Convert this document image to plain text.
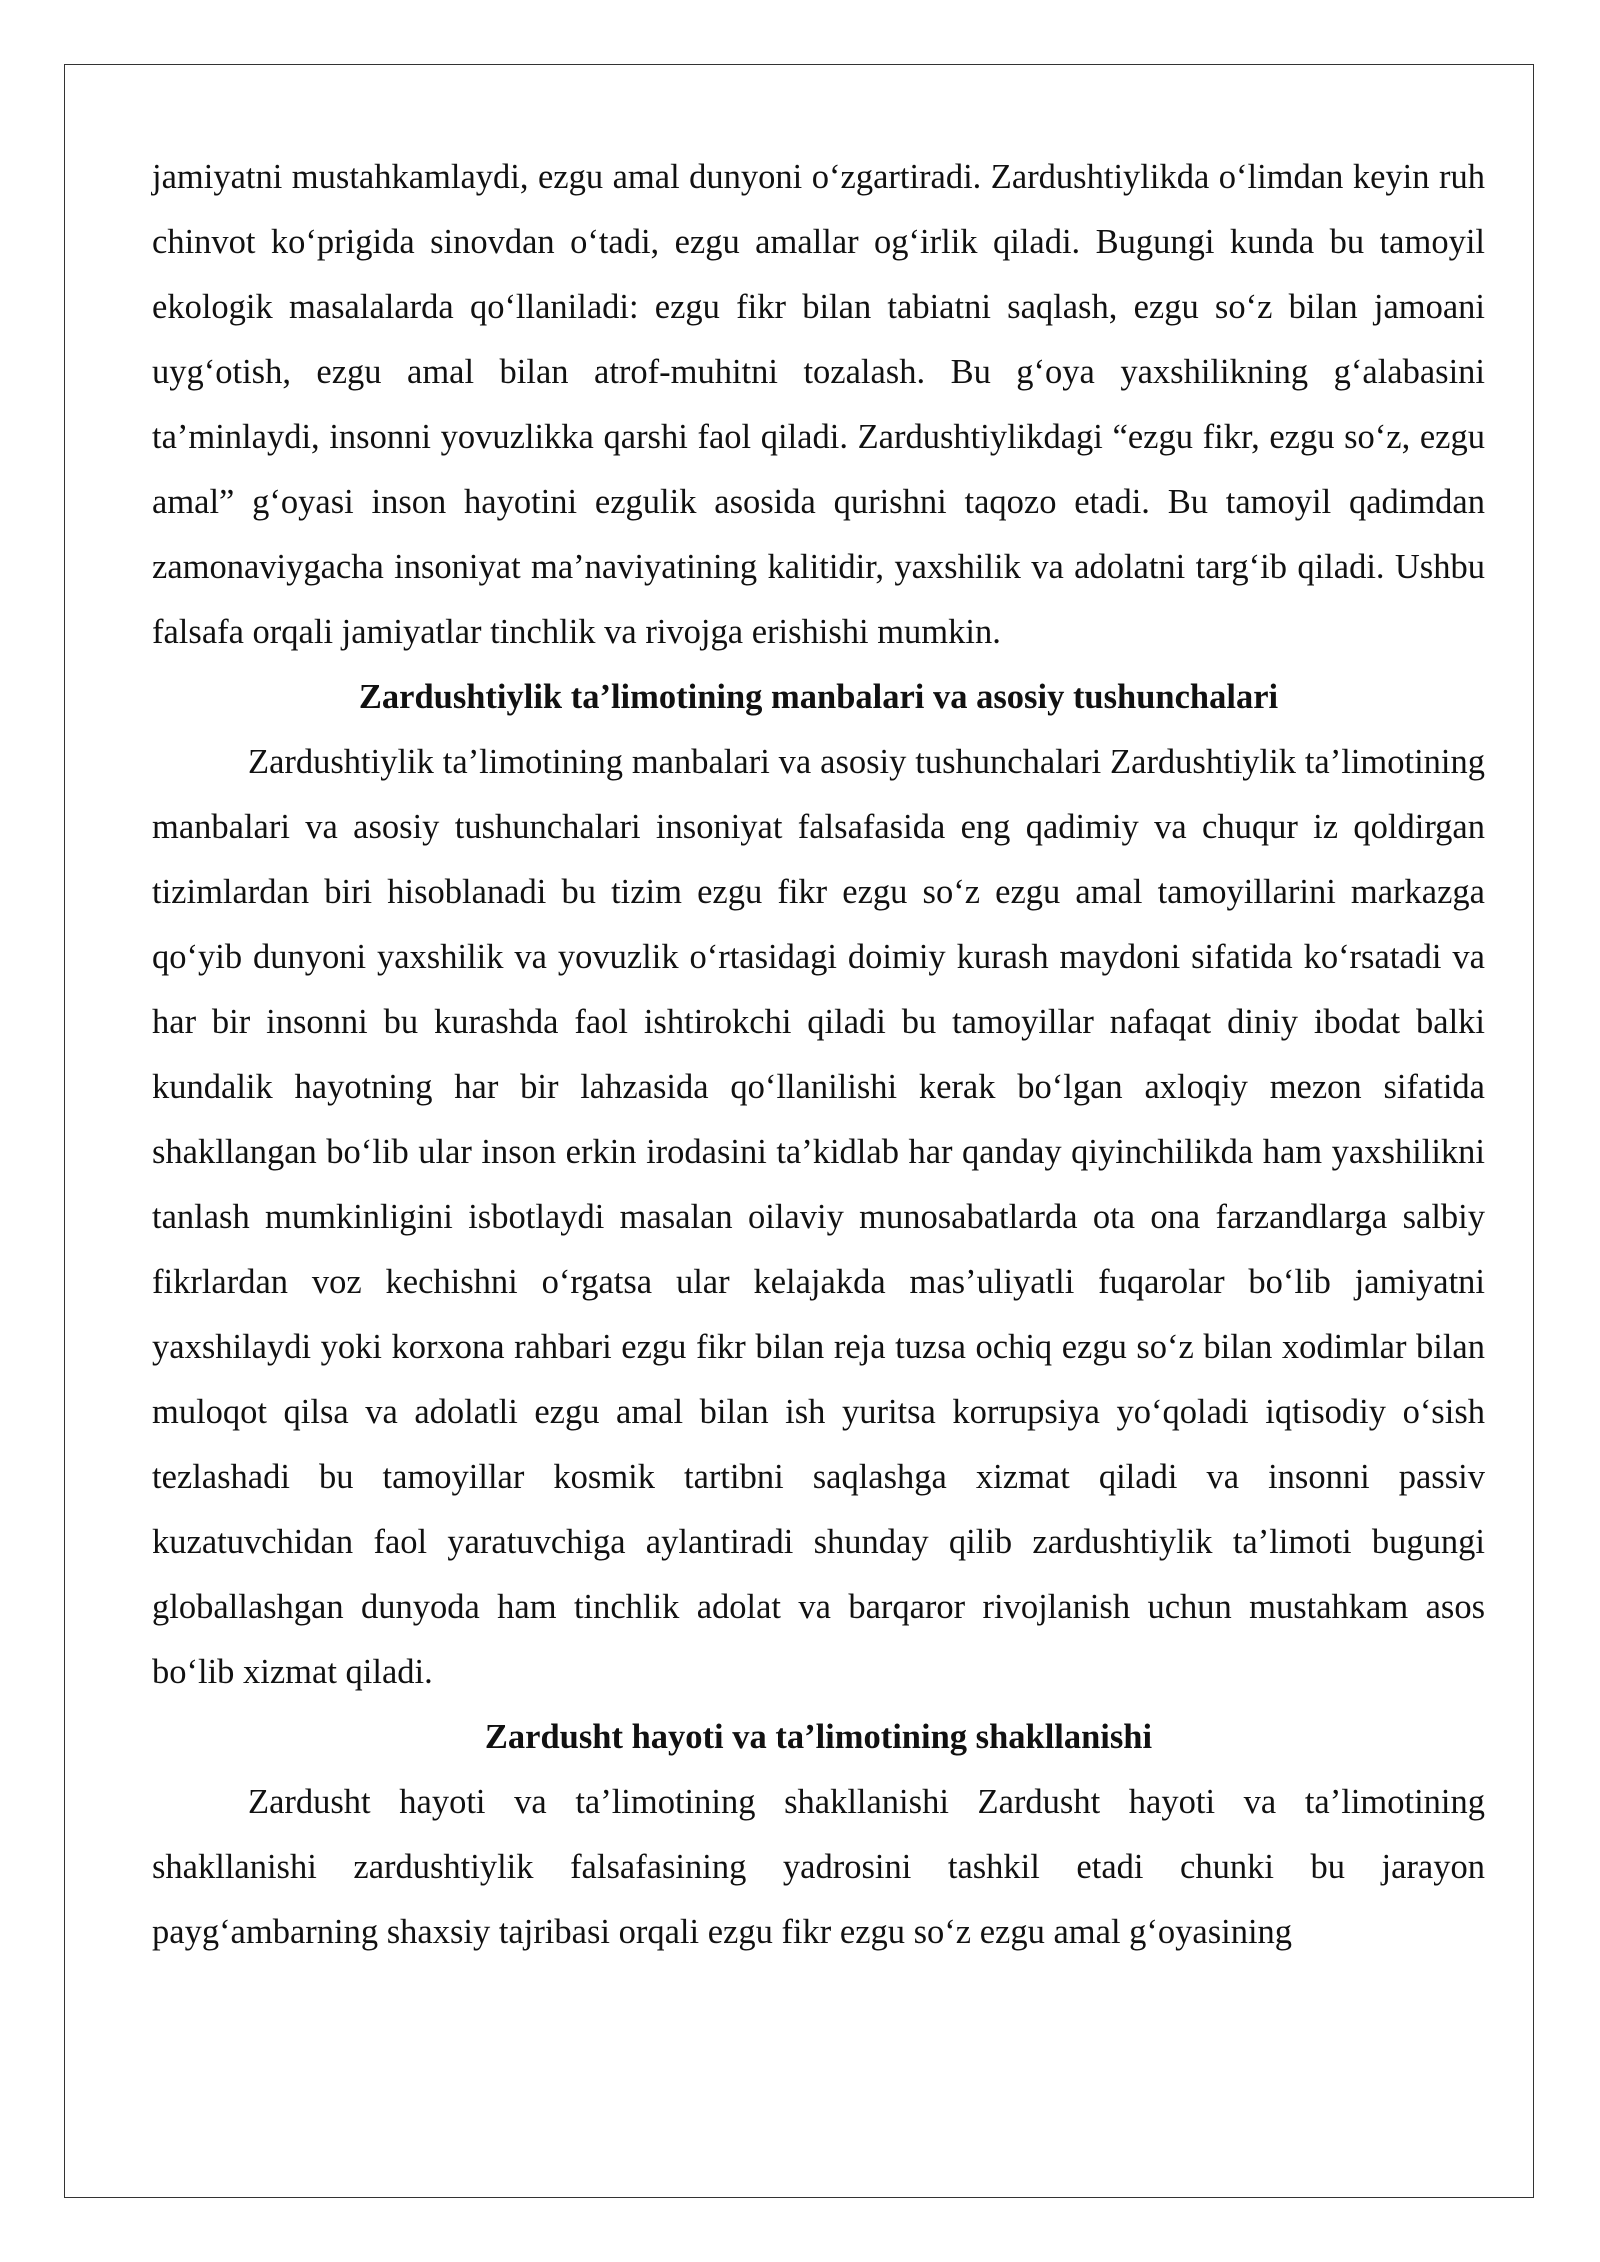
jamiyatni mustahkamlaydi, ezgu amal dunyoni o‘zgartiradi. Zardushtiylikda o‘limdan keyin ruh chinvot ko‘prigida sinovdan o‘tadi, ezgu amallar og‘irlik qiladi. Bugungi kunda bu tamoyil ekologik masalalarda qo‘llaniladi: ezgu fikr bilan tabiatni saqlash, ezgu so‘z bilan jamoani uyg‘otish, ezgu amal bilan atrof-muhitni tozalash. Bu g‘oya yaxshilikning g‘alabasini ta’minlaydi, insonni yovuzlikka qarshi faol qiladi. Zardushtiylikdagi “ezgu fikr, ezgu so‘z, ezgu amal” g‘oyasi inson hayotini ezgulik asosida qurishni taqozo etadi. Bu tamoyil qadimdan zamonaviygacha insoniyat ma’naviyatining kalitidir, yaxshilik va adolatni targ‘ib qiladi. Ushbu falsafa orqali jamiyatlar tinchlik va rivojga erishishi mumkin.

Zardushtiylik ta’limotining manbalari va asosiy tushunchalari

Zardushtiylik ta’limotining manbalari va asosiy tushunchalari Zardushtiylik ta’limotining manbalari va asosiy tushunchalari insoniyat falsafasida eng qadimiy va chuqur iz qoldirgan tizimlardan biri hisoblanadi bu tizim ezgu fikr ezgu so‘z ezgu amal tamoyillarini markazga qo‘yib dunyoni yaxshilik va yovuzlik o‘rtasidagi doimiy kurash maydoni sifatida ko‘rsatadi va har bir insonni bu kurashda faol ishtirokchi qiladi bu tamoyillar nafaqat diniy ibodat balki kundalik hayotning har bir lahzasida qo‘llanilishi kerak bo‘lgan axloqiy mezon sifatida shakllangan bo‘lib ular inson erkin irodasini ta’kidlab har qanday qiyinchilikda ham yaxshilikni tanlash mumkinligini isbotlaydi masalan oilaviy munosabatlarda ota ona farzandlarga salbiy fikrlardan voz kechishni o‘rgatsa ular kelajakda mas’uliyatli fuqarolar bo‘lib jamiyatni yaxshilaydi yoki korxona rahbari ezgu fikr bilan reja tuzsa ochiq ezgu so‘z bilan xodimlar bilan muloqot qilsa va adolatli ezgu amal bilan ish yuritsa korrupsiya yo‘qoladi iqtisodiy o‘sish tezlashadi bu tamoyillar kosmik tartibni saqlashga xizmat qiladi va insonni passiv kuzatuvchidan faol yaratuvchiga aylantiradi shunday qilib zardushtiylik ta’limoti bugungi globallashgan dunyoda ham tinchlik adolat va barqaror rivojlanish uchun mustahkam asos bo‘lib xizmat qiladi.

Zardusht hayoti va ta’limotining shakllanishi

Zardusht hayoti va ta’limotining shakllanishi Zardusht hayoti va ta’limotining shakllanishi zardushtiylik falsafasining yadrosini tashkil etadi chunki bu jarayon payg‘ambarning shaxsiy tajribasi orqali ezgu fikr ezgu so‘z ezgu amal g‘oyasining
